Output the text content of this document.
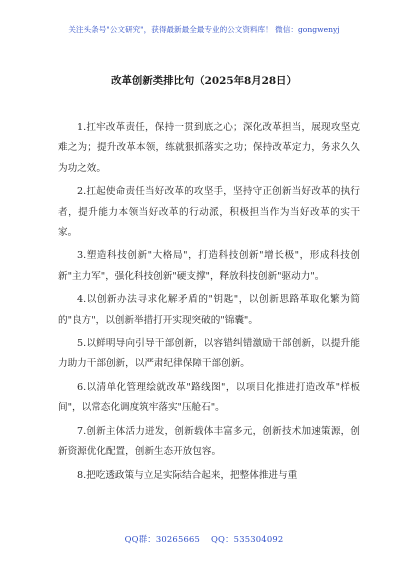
关注头条号"公文研究"，获得最新最全最专业的公文资料库！ 微信：gongwenyj
改革创新类排比句（2025年8月28日）

1.扛牢改革责任，保持一贯到底之心；深化改革担当，展现攻坚克难之为；提升改革本领，练就狠抓落实之功；保持改革定力，务求久久为功之效。

2.扛起使命责任当好改革的攻坚手，坚持守正创新当好改革的执行者，提升能力本领当好改革的行动派，积极担当作为当好改革的实干家。

3.塑造科技创新"大格局"，打造科技创新"增长极"，形成科技创新"主力军"，强化科技创新"硬支撑"，释放科技创新"驱动力"。

4.以创新办法寻求化解矛盾的"钥匙"，以创新思路革取化繁为简的"良方"，以创新举措打开实现突破的"锦囊"。

5.以鲜明导向引导干部创新，以容错纠错激励干部创新，以提升能力助力干部创新，以严肃纪律保障干部创新。

6.以清单化管理绘就改革"路线图"，以项目化推进打造改革"样板间"，以常态化调度筑牢落实"压舱石"。

7.创新主体活力迸发，创新载体丰富多元，创新技术加速策源，创新资源优化配置，创新生态开放包容。

8.把吃透政策与立足实际结合起来，把整体推进与重

QQ群：30265665 QQ：535304092
